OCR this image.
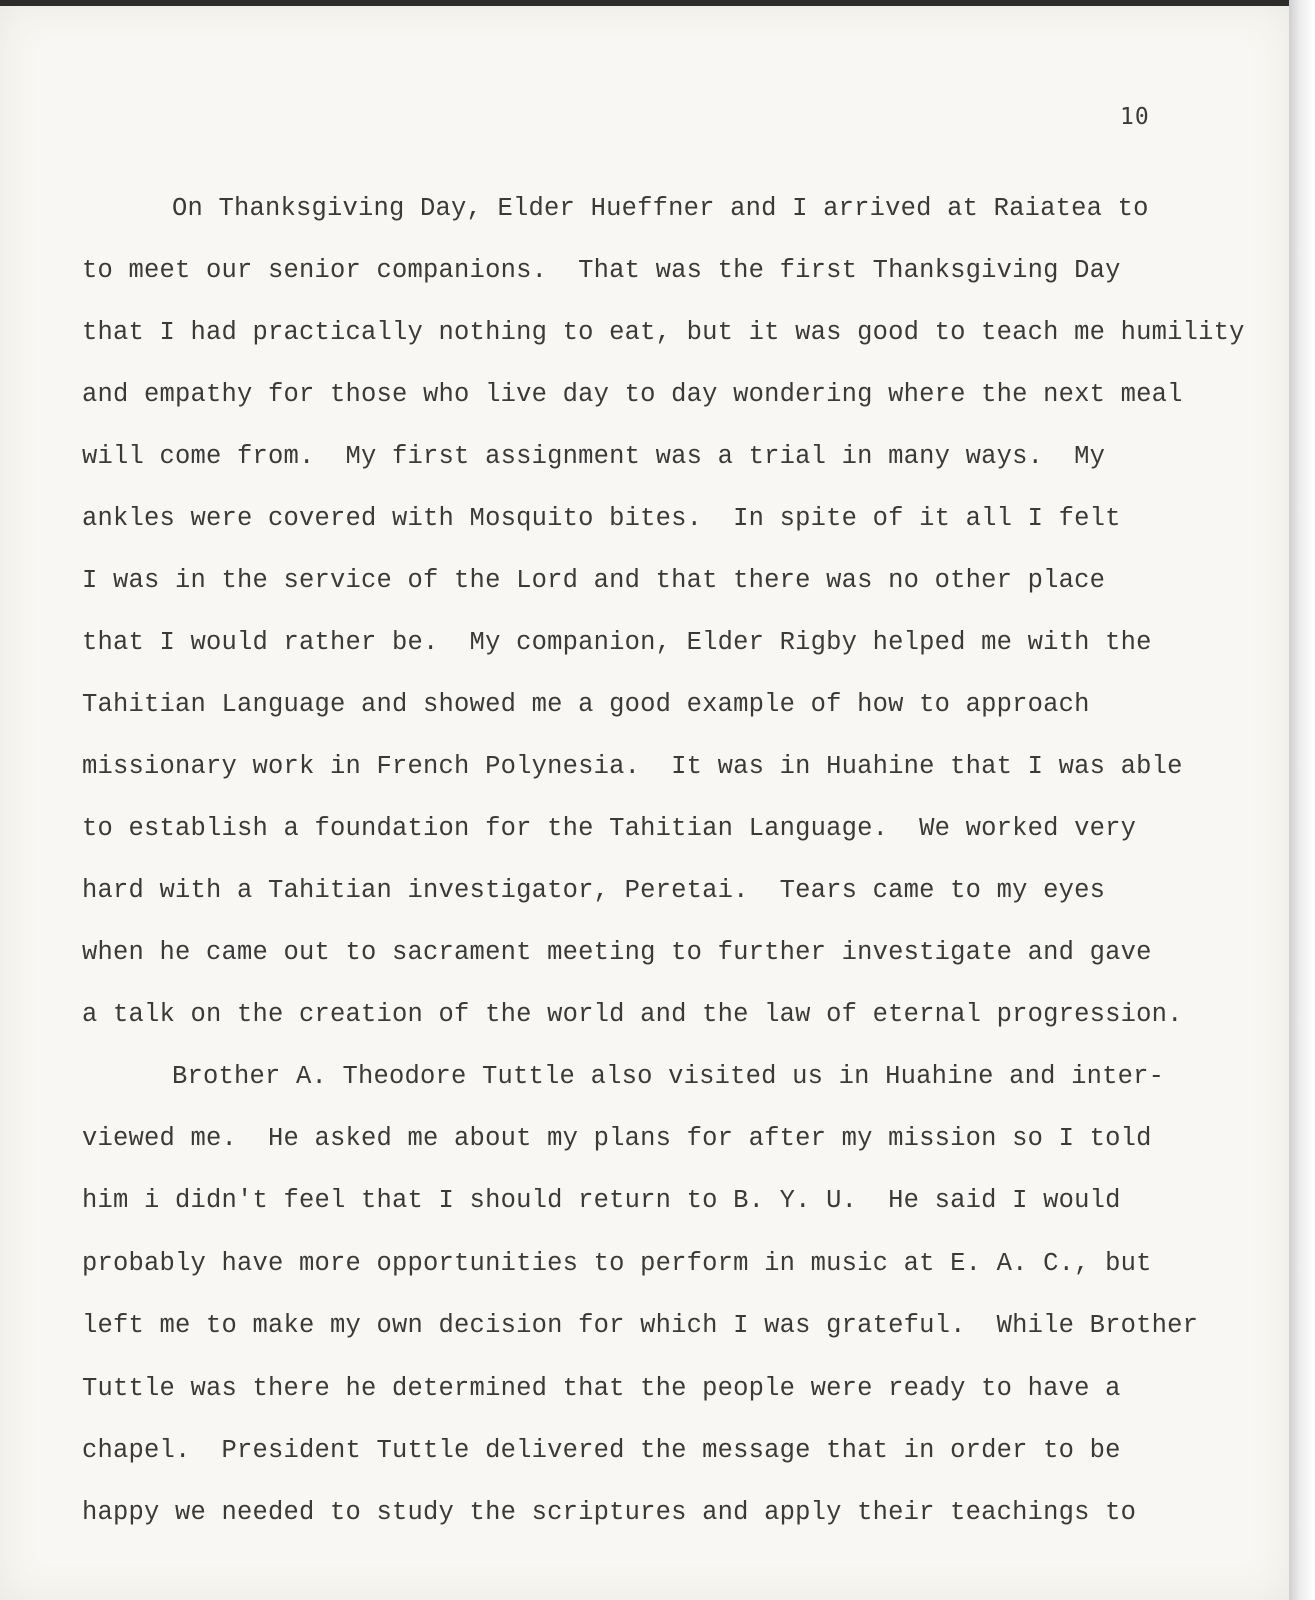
10
On Thanksgiving Day, Elder Hueffner and I arrived at Raiatea to
to meet our senior companions.  That was the first Thanksgiving Day
that I had practically nothing to eat, but it was good to teach me humility
and empathy for those who live day to day wondering where the next meal
will come from.  My first assignment was a trial in many ways.  My
ankles were covered with Mosquito bites.  In spite of it all I felt
I was in the service of the Lord and that there was no other place
that I would rather be.  My companion, Elder Rigby helped me with the
Tahitian Language and showed me a good example of how to approach
missionary work in French Polynesia.  It was in Huahine that I was able
to establish a foundation for the Tahitian Language.  We worked very
hard with a Tahitian investigator, Peretai.  Tears came to my eyes
when he came out to sacrament meeting to further investigate and gave
a talk on the creation of the world and the law of eternal progression.
Brother A. Theodore Tuttle also visited us in Huahine and inter-
viewed me.  He asked me about my plans for after my mission so I told
him i didn't feel that I should return to B. Y. U.  He said I would
probably have more opportunities to perform in music at E. A. C., but
left me to make my own decision for which I was grateful.  While Brother
Tuttle was there he determined that the people were ready to have a
chapel.  President Tuttle delivered the message that in order to be
happy we needed to study the scriptures and apply their teachings to
